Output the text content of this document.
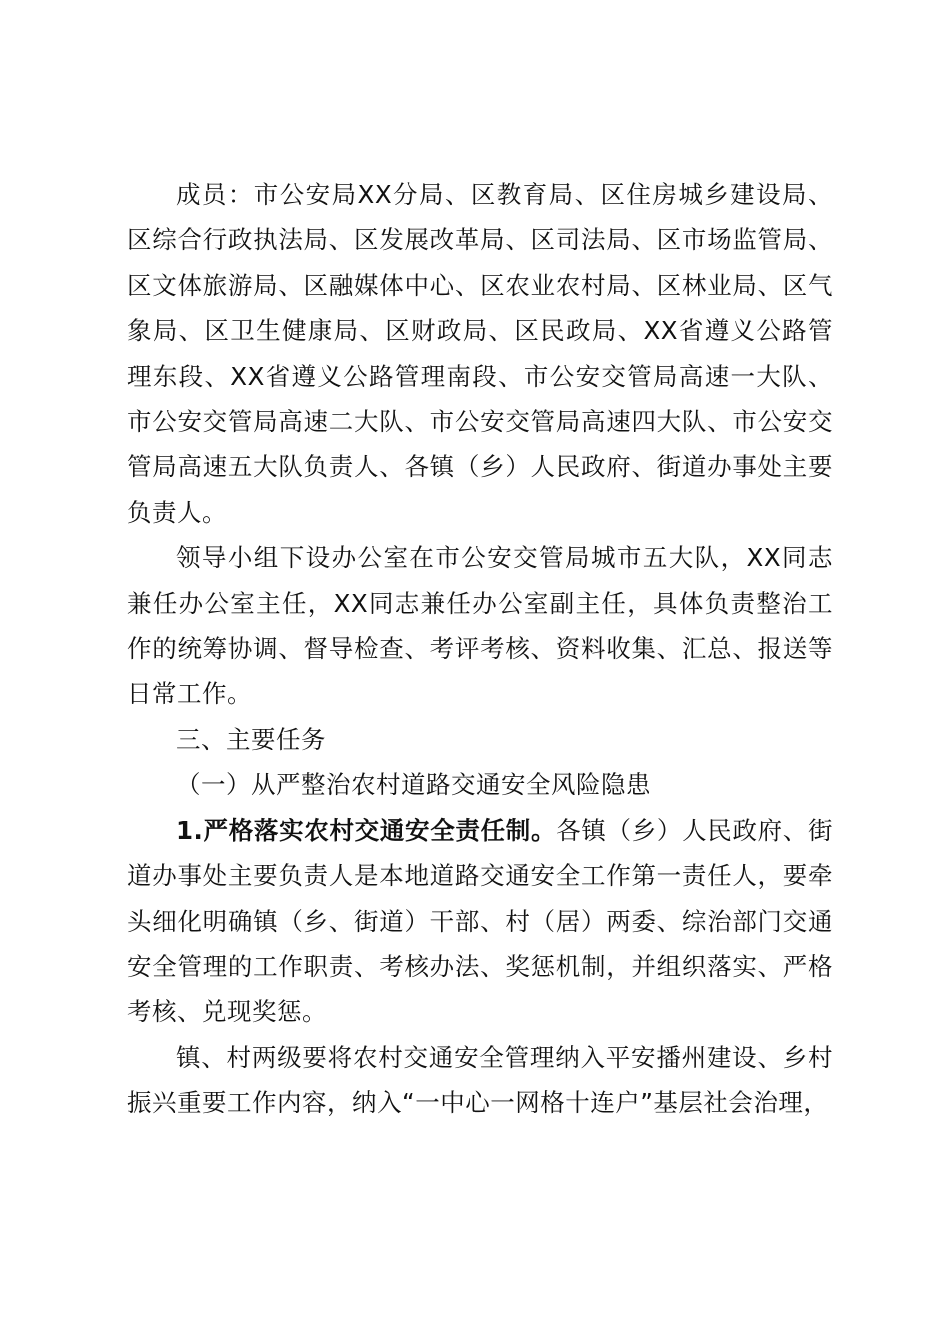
成员：市公安局XX分局、区教育局、区住房城乡建设局、区综合行政执法局、区发展改革局、区司法局、区市场监管局、区文体旅游局、区融媒体中心、区农业农村局、区林业局、区气象局、区卫生健康局、区财政局、区民政局、XX省遵义公路管理东段、XX省遵义公路管理南段、市公安交管局高速一大队、市公安交管局高速二大队、市公安交管局高速四大队、市公安交管局高速五大队负责人、各镇（乡）人民政府、街道办事处主要负责人。

领导小组下设办公室在市公安交管局城市五大队，XX同志兼任办公室主任，XX同志兼任办公室副主任，具体负责整治工作的统筹协调、督导检查、考评考核、资料收集、汇总、报送等日常工作。

三、主要任务

（一）从严整治农村道路交通安全风险隐患

1.严格落实农村交通安全责任制。各镇（乡）人民政府、街道办事处主要负责人是本地道路交通安全工作第一责任人，要牵头细化明确镇（乡、街道）干部、村（居）两委、综治部门交通安全管理的工作职责、考核办法、奖惩机制，并组织落实、严格考核、兑现奖惩。

镇、村两级要将农村交通安全管理纳入平安播州建设、乡村振兴重要工作内容，纳入“一中心一网格十连户”基层社会治理，
